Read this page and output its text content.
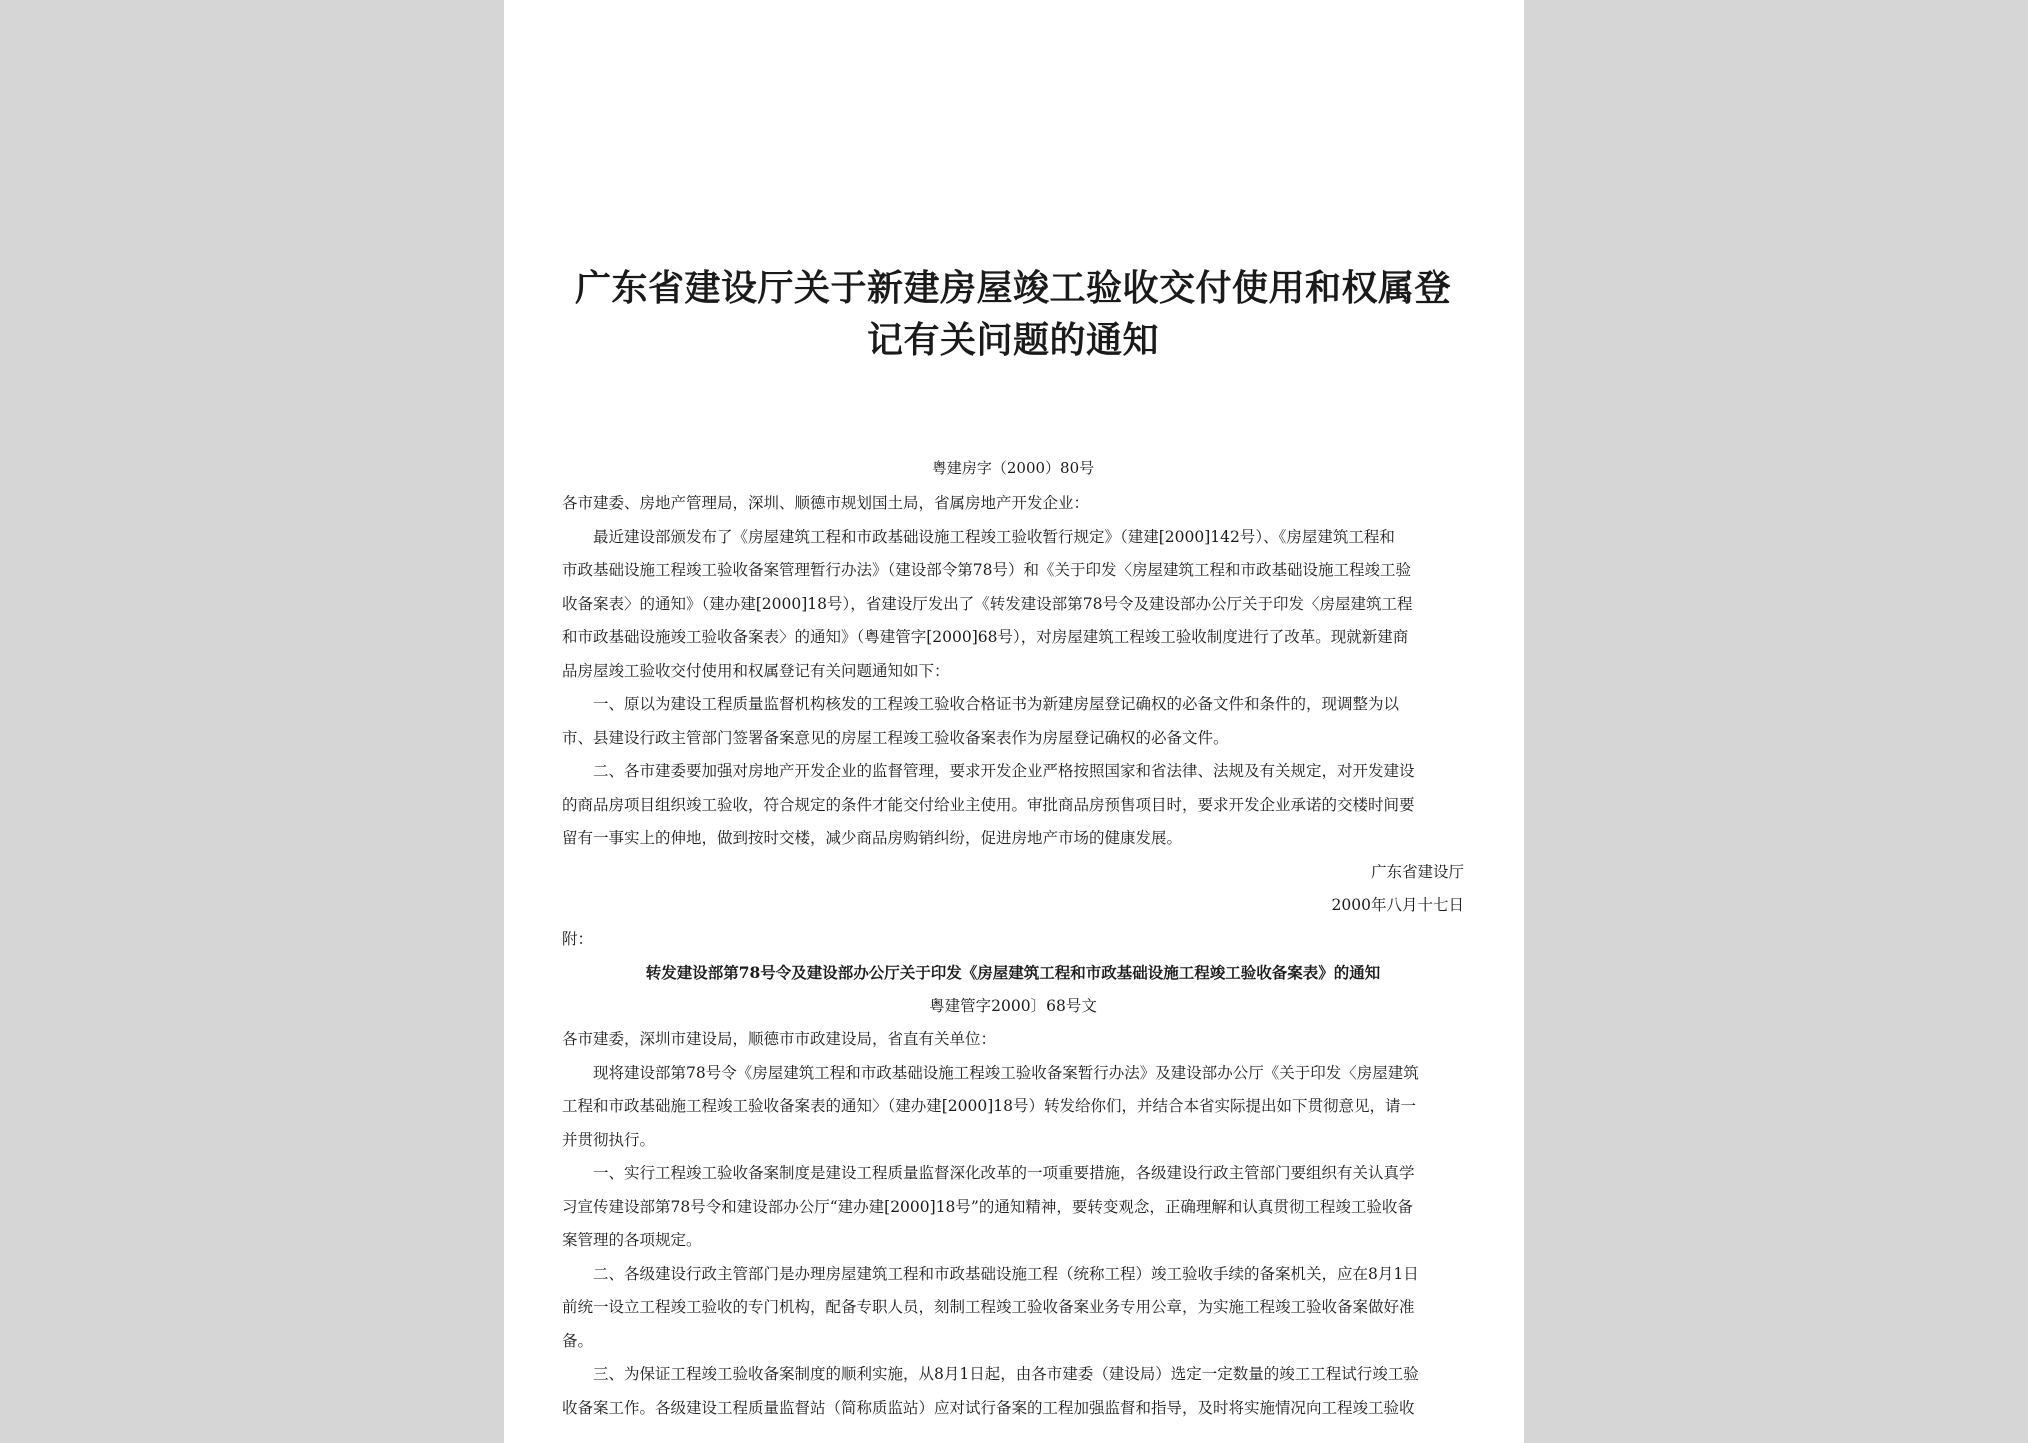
广东省建设厅关于新建房屋竣工验收交付使用和权属登
记有关问题的通知
粤建房字（2000）80号
各市建委、房地产管理局，深圳、顺德市规划国土局，省属房地产开发企业：
最近建设部颁发布了《房屋建筑工程和市政基础设施工程竣工验收暂行规定》（建建[2000]142号）、《房屋建筑工程和
市政基础设施工程竣工验收备案管理暂行办法》（建设部令第78号）和《关于印发〈房屋建筑工程和市政基础设施工程竣工验
收备案表〉的通知》（建办建[2000]18号），省建设厅发出了《转发建设部第78号令及建设部办公厅关于印发〈房屋建筑工程
和市政基础设施竣工验收备案表〉的通知》（粤建管字[2000]68号），对房屋建筑工程竣工验收制度进行了改革。现就新建商
品房屋竣工验收交付使用和权属登记有关问题通知如下：
一、原以为建设工程质量监督机构核发的工程竣工验收合格证书为新建房屋登记确权的必备文件和条件的，现调整为以
市、县建设行政主管部门签署备案意见的房屋工程竣工验收备案表作为房屋登记确权的必备文件。
二、各市建委要加强对房地产开发企业的监督管理，要求开发企业严格按照国家和省法律、法规及有关规定，对开发建设
的商品房项目组织竣工验收，符合规定的条件才能交付给业主使用。审批商品房预售项目时，要求开发企业承诺的交楼时间要
留有一事实上的伸地，做到按时交楼，减少商品房购销纠纷，促进房地产市场的健康发展。
广东省建设厅
2000年八月十七日
附：
转发建设部第78号令及建设部办公厅关于印发《房屋建筑工程和市政基础设施工程竣工验收备案表》的通知
粤建管字2000〕68号文
各市建委，深圳市建设局，顺德市市政建设局，省直有关单位：
现将建设部第78号令《房屋建筑工程和市政基础设施工程竣工验收备案暂行办法》及建设部办公厅《关于印发〈房屋建筑
工程和市政基础施工程竣工验收备案表的通知〉（建办建[2000]18号）转发给你们，并结合本省实际提出如下贯彻意见，请一
并贯彻执行。
一、实行工程竣工验收备案制度是建设工程质量监督深化改革的一项重要措施，各级建设行政主管部门要组织有关认真学
习宣传建设部第78号令和建设部办公厅“建办建[2000]18号”的通知精神，要转变观念，正确理解和认真贯彻工程竣工验收备
案管理的各项规定。
二、各级建设行政主管部门是办理房屋建筑工程和市政基础设施工程（统称工程）竣工验收手续的备案机关，应在8月1日
前统一设立工程竣工验收的专门机构，配备专职人员，刻制工程竣工验收备案业务专用公章，为实施工程竣工验收备案做好准
备。
三、为保证工程竣工验收备案制度的顺利实施，从8月1日起，由各市建委（建设局）选定一定数量的竣工工程试行竣工验
收备案工作。各级建设工程质量监督站（简称质监站）应对试行备案的工程加强监督和指导，及时将实施情况向工程竣工验收
